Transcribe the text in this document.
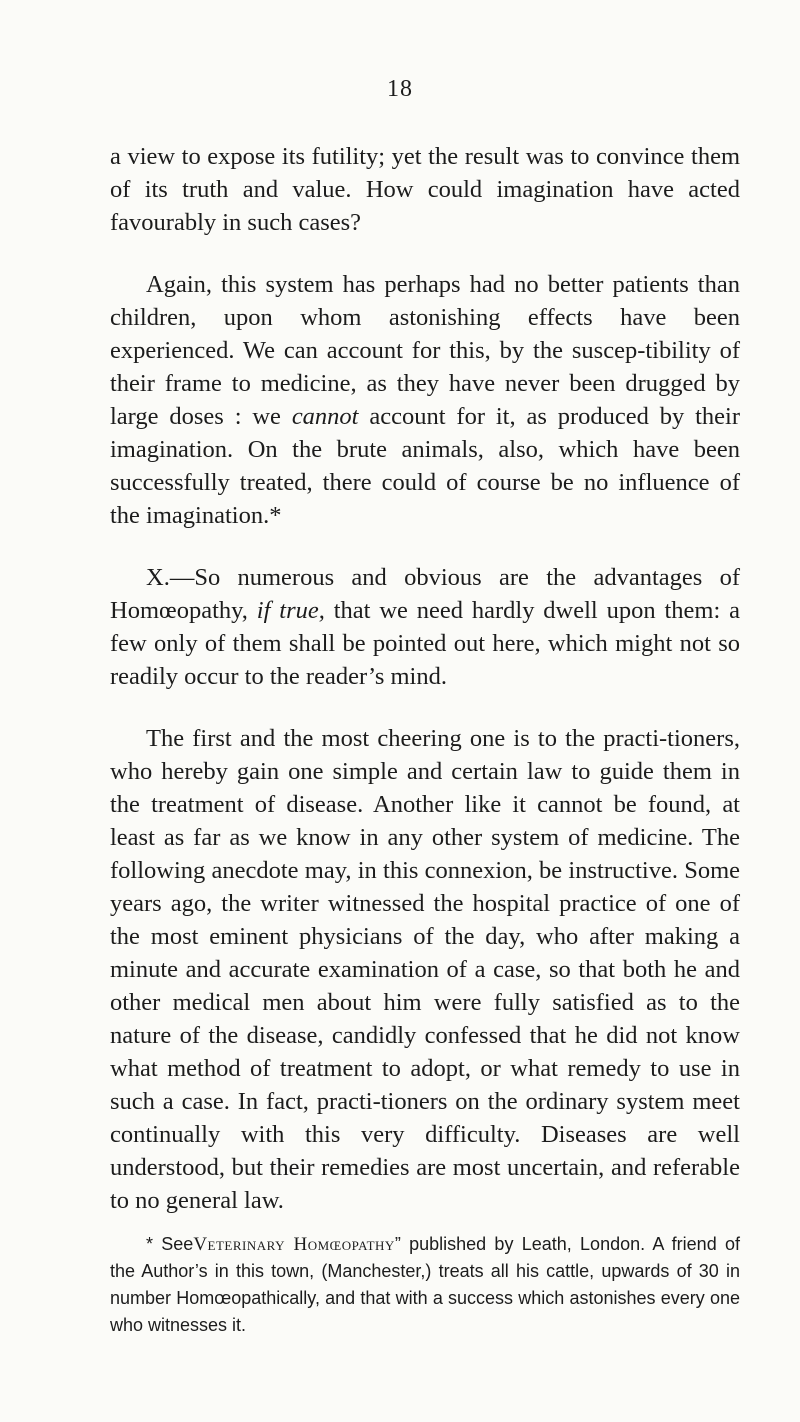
18

a view to expose its futility; yet the result was to convince them of its truth and value. How could imagination have acted favourably in such cases?

Again, this system has perhaps had no better patients than children, upon whom astonishing effects have been experienced. We can account for this, by the suscep-tibility of their frame to medicine, as they have never been drugged by large doses : we cannot account for it, as produced by their imagination. On the brute animals, also, which have been successfully treated, there could of course be no influence of the imagination.*

X.—So numerous and obvious are the advantages of Homœopathy, if true, that we need hardly dwell upon them: a few only of them shall be pointed out here, which might not so readily occur to the reader’s mind.

The first and the most cheering one is to the practi-tioners, who hereby gain one simple and certain law to guide them in the treatment of disease. Another like it cannot be found, at least as far as we know in any other system of medicine. The following anecdote may, in this connexion, be instructive. Some years ago, the writer witnessed the hospital practice of one of the most eminent physicians of the day, who after making a minute and accurate examination of a case, so that both he and other medical men about him were fully satisfied as to the nature of the disease, candidly confessed that he did not know what method of treatment to adopt, or what remedy to use in such a case. In fact, practi-tioners on the ordinary system meet continually with this very difficulty. Diseases are well understood, but their remedies are most uncertain, and referable to no general law.

* SeeVeterinary Homœopathy” published by Leath, London. A friend of the Author’s in this town, (Manchester,) treats all his cattle, upwards of 30 in number Homœopathically, and that with a success which astonishes every one who witnesses it.
